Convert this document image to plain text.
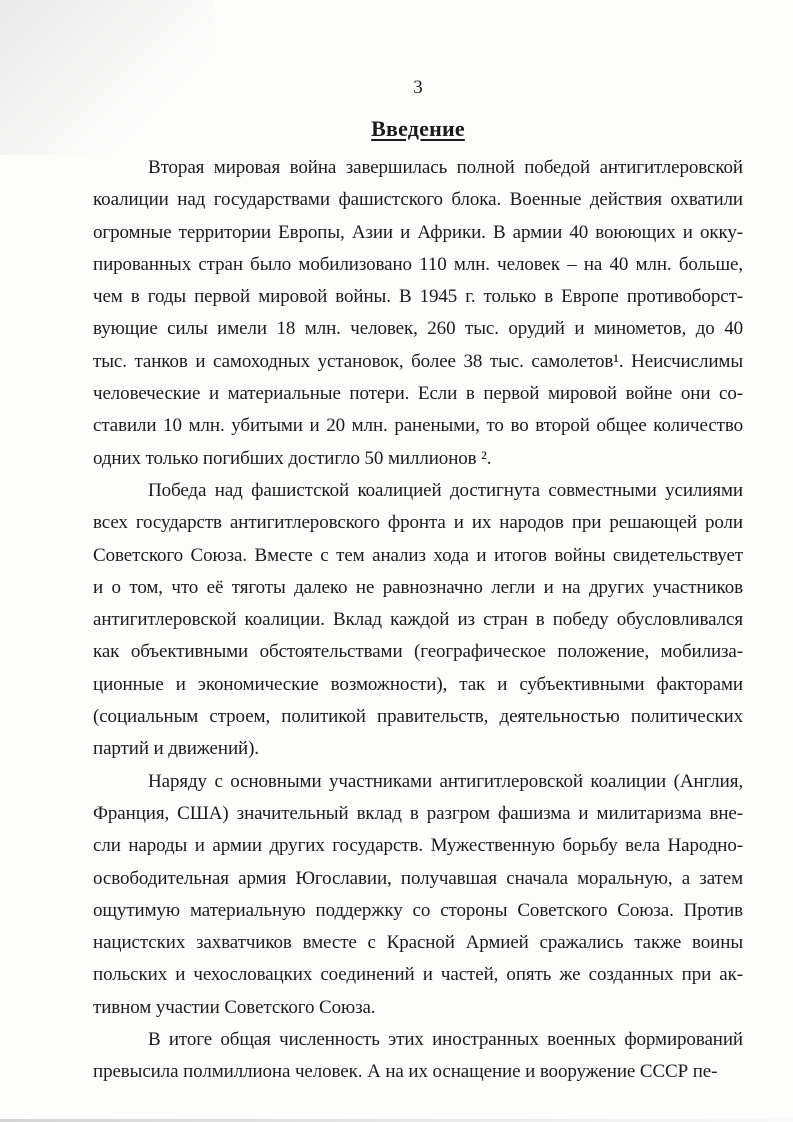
3
Введение
Вторая мировая война завершилась полной победой антигитлеровской
коалиции над государствами фашистского блока. Военные действия охватили
огромные территории Европы, Азии и Африки. В армии 40 воюющих и окку-
пированных стран было мобилизовано 110 млн. человек – на 40 млн. больше,
чем в годы первой мировой войны. В 1945 г. только в Европе противоборст-
вующие силы имели 18 млн. человек, 260 тыс. орудий и минометов, до 40
тыс. танков и самоходных установок, более 38 тыс. самолетов¹. Неисчислимы
человеческие и материальные потери. Если в первой мировой войне они со-
ставили 10 млн. убитыми и 20 млн. ранеными, то во второй общее количество
одних только погибших достигло 50 миллионов ².
Победа над фашистской коалицией достигнута совместными усилиями
всех государств антигитлеровского фронта и их народов при решающей роли
Советского Союза. Вместе с тем анализ хода и итогов войны свидетельствует
и о том, что её тяготы далеко не равнозначно легли и на других участников
антигитлеровской коалиции. Вклад каждой из стран в победу обусловливался
как объективными обстоятельствами (географическое положение, мобилиза-
ционные и экономические возможности), так и субъективными факторами
(социальным строем, политикой правительств, деятельностью политических
партий и движений).
Наряду с основными участниками антигитлеровской коалиции (Англия,
Франция, США) значительный вклад в разгром фашизма и милитаризма вне-
сли народы и армии других государств. Мужественную борьбу вела Народно-
освободительная армия Югославии, получавшая сначала моральную, а затем
ощутимую материальную поддержку со стороны Советского Союза. Против
нацистских захватчиков вместе с Красной Армией сражались также воины
польских и чехословацких соединений и частей, опять же созданных при ак-
тивном участии Советского Союза.
В итоге общая численность этих иностранных военных формирований
превысила полмиллиона человек. А на их оснащение и вооружение СССР пе-
